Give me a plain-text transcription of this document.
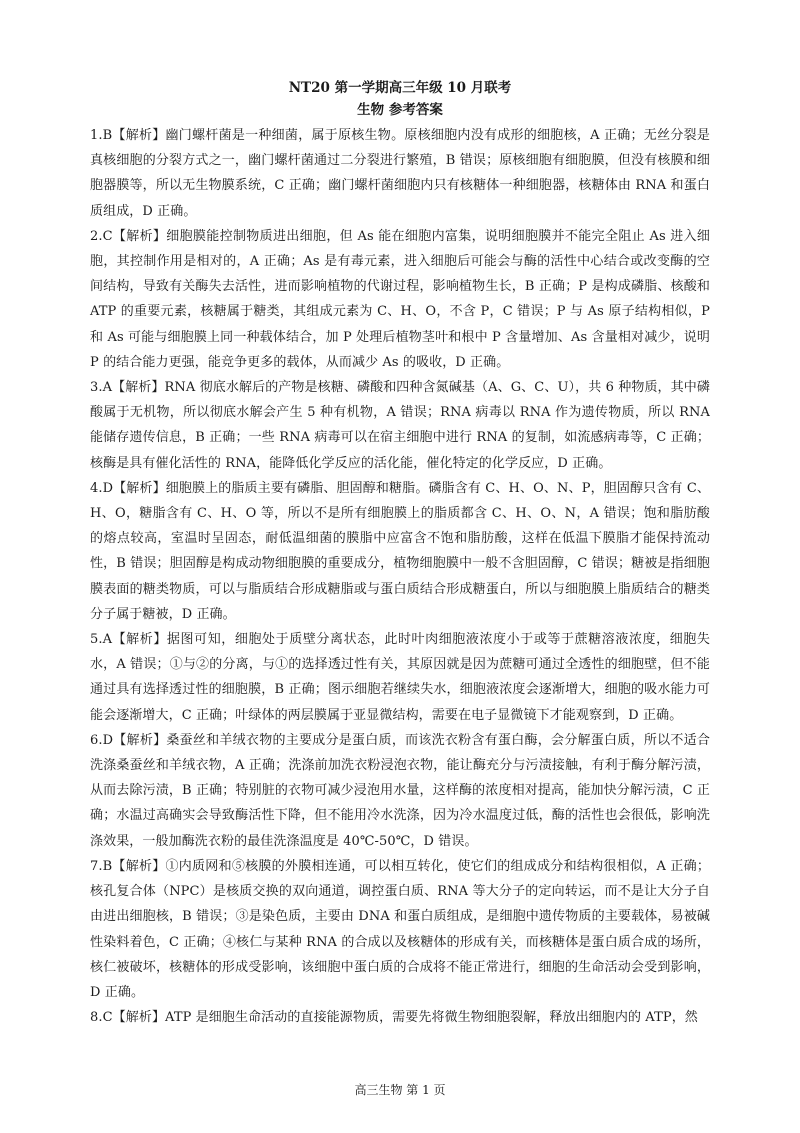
NT20 第一学期高三年级 10 月联考
生物 参考答案

1.B【解析】幽门螺杆菌是一种细菌，属于原核生物。原核细胞内没有成形的细胞核，A 正确；无丝分裂是真核细胞的分裂方式之一，幽门螺杆菌通过二分裂进行繁殖，B 错误；原核细胞有细胞膜，但没有核膜和细胞器膜等，所以无生物膜系统，C 正确；幽门螺杆菌细胞内只有核糖体一种细胞器，核糖体由 RNA 和蛋白质组成，D 正确。

2.C【解析】细胞膜能控制物质进出细胞，但 As 能在细胞内富集，说明细胞膜并不能完全阻止 As 进入细胞，其控制作用是相对的，A 正确；As 是有毒元素，进入细胞后可能会与酶的活性中心结合或改变酶的空间结构，导致有关酶失去活性，进而影响植物的代谢过程，影响植物生长，B 正确；P 是构成磷脂、核酸和 ATP 的重要元素，核糖属于糖类，其组成元素为 C、H、O，不含 P，C 错误；P 与 As 原子结构相似，P 和 As 可能与细胞膜上同一种载体结合，加 P 处理后植物茎叶和根中 P 含量增加、As 含量相对减少，说明 P 的结合能力更强，能竞争更多的载体，从而减少 As 的吸收，D 正确。

3.A【解析】RNA 彻底水解后的产物是核糖、磷酸和四种含氮碱基（A、G、C、U），共 6 种物质，其中磷酸属于无机物，所以彻底水解会产生 5 种有机物，A 错误；RNA 病毒以 RNA 作为遗传物质，所以 RNA 能储存遗传信息，B 正确；一些 RNA 病毒可以在宿主细胞中进行 RNA 的复制，如流感病毒等，C 正确；核酶是具有催化活性的 RNA，能降低化学反应的活化能，催化特定的化学反应，D 正确。

4.D【解析】细胞膜上的脂质主要有磷脂、胆固醇和糖脂。磷脂含有 C、H、O、N、P，胆固醇只含有 C、H、O，糖脂含有 C、H、O 等，所以不是所有细胞膜上的脂质都含 C、H、O、N，A 错误；饱和脂肪酸的熔点较高，室温时呈固态，耐低温细菌的膜脂中应富含不饱和脂肪酸，这样在低温下膜脂才能保持流动性，B 错误；胆固醇是构成动物细胞膜的重要成分，植物细胞膜中一般不含胆固醇，C 错误；糖被是指细胞膜表面的糖类物质，可以与脂质结合形成糖脂或与蛋白质结合形成糖蛋白，所以与细胞膜上脂质结合的糖类分子属于糖被，D 正确。

5.A【解析】据图可知，细胞处于质壁分离状态，此时叶肉细胞液浓度小于或等于蔗糖溶液浓度，细胞失水，A 错误；①与②的分离，与①的选择透过性有关，其原因就是因为蔗糖可通过全透性的细胞壁，但不能通过具有选择透过性的细胞膜，B 正确；图示细胞若继续失水，细胞液浓度会逐渐增大，细胞的吸水能力可能会逐渐增大，C 正确；叶绿体的两层膜属于亚显微结构，需要在电子显微镜下才能观察到，D 正确。

6.D【解析】桑蚕丝和羊绒衣物的主要成分是蛋白质，而该洗衣粉含有蛋白酶，会分解蛋白质，所以不适合洗涤桑蚕丝和羊绒衣物，A 正确；洗涤前加洗衣粉浸泡衣物，能让酶充分与污渍接触，有利于酶分解污渍，从而去除污渍，B 正确；特别脏的衣物可减少浸泡用水量，这样酶的浓度相对提高，能加快分解污渍，C 正确；水温过高确实会导致酶活性下降，但不能用冷水洗涤，因为冷水温度过低，酶的活性也会很低，影响洗涤效果，一般加酶洗衣粉的最佳洗涤温度是 40℃-50℃，D 错误。

7.B【解析】①内质网和⑤核膜的外膜相连通，可以相互转化，使它们的组成成分和结构很相似，A 正确；核孔复合体（NPC）是核质交换的双向通道，调控蛋白质、RNA 等大分子的定向转运，而不是让大分子自由进出细胞核，B 错误；③是染色质，主要由 DNA 和蛋白质组成，是细胞中遗传物质的主要载体，易被碱性染料着色，C 正确；④核仁与某种 RNA 的合成以及核糖体的形成有关，而核糖体是蛋白质合成的场所，核仁被破坏，核糖体的形成受影响，该细胞中蛋白质的合成将不能正常进行，细胞的生命活动会受到影响，D 正确。

8.C【解析】ATP 是细胞生命活动的直接能源物质，需要先将微生物细胞裂解，释放出细胞内的 ATP，然

高三生物 第 1 页
